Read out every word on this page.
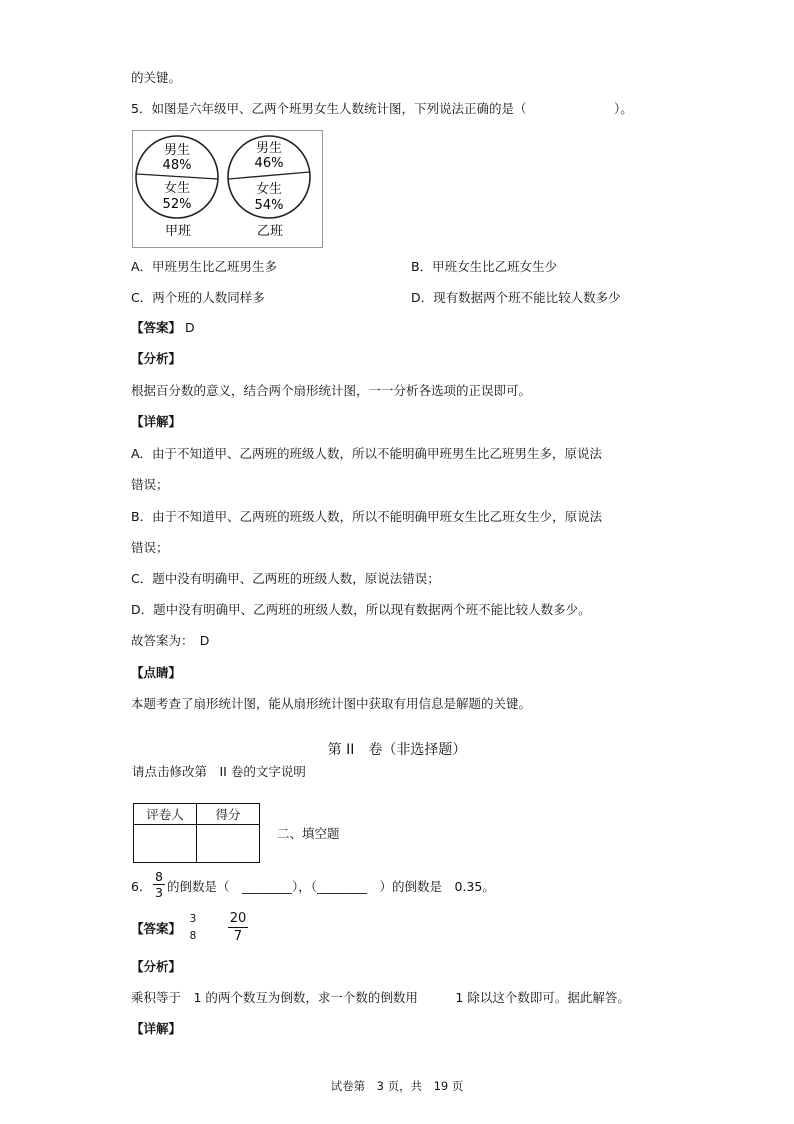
的关键。
5．如图是六年级甲、乙两个班男女生人数统计图，下列说法正确的是（　　　　　　　）。
男生
48%
女生
52%
甲班
男生
46%
女生
54%
乙班
A．甲班男生比乙班男生多	B．甲班女生比乙班女生少
C．两个班的人数同样多	D．现有数据两个班不能比较人数多少
【答案】 D
【分析】
根据百分数的意义，结合两个扇形统计图，一一分析各选项的正误即可。
【详解】
A．由于不知道甲、乙两班的班级人数，所以不能明确甲班男生比乙班男生多，原说法
错误；
B．由于不知道甲、乙两班的班级人数，所以不能明确甲班女生比乙班女生少，原说法
错误；
C．题中没有明确甲、乙两班的班级人数，原说法错误；
D．题中没有明确甲、乙两班的班级人数，所以现有数据两个班不能比较人数多少。
故答案为：　D
【点睛】
本题考查了扇形统计图，能从扇形统计图中获取有用信息是解题的关键。
第 II　卷（非选择题）
请点击修改第　II 卷的文字说明
评卷人	得分

二、填空题
6．
8
3 的倒数是（　________），（________　）的倒数是　0.35。
【答案】
3
8
20
7
【分析】
乘积等于　1 的两个数互为倒数，求一个数的倒数用　　　1 除以这个数即可。据此解答。
【详解】
试卷第　3 页，共　19 页
